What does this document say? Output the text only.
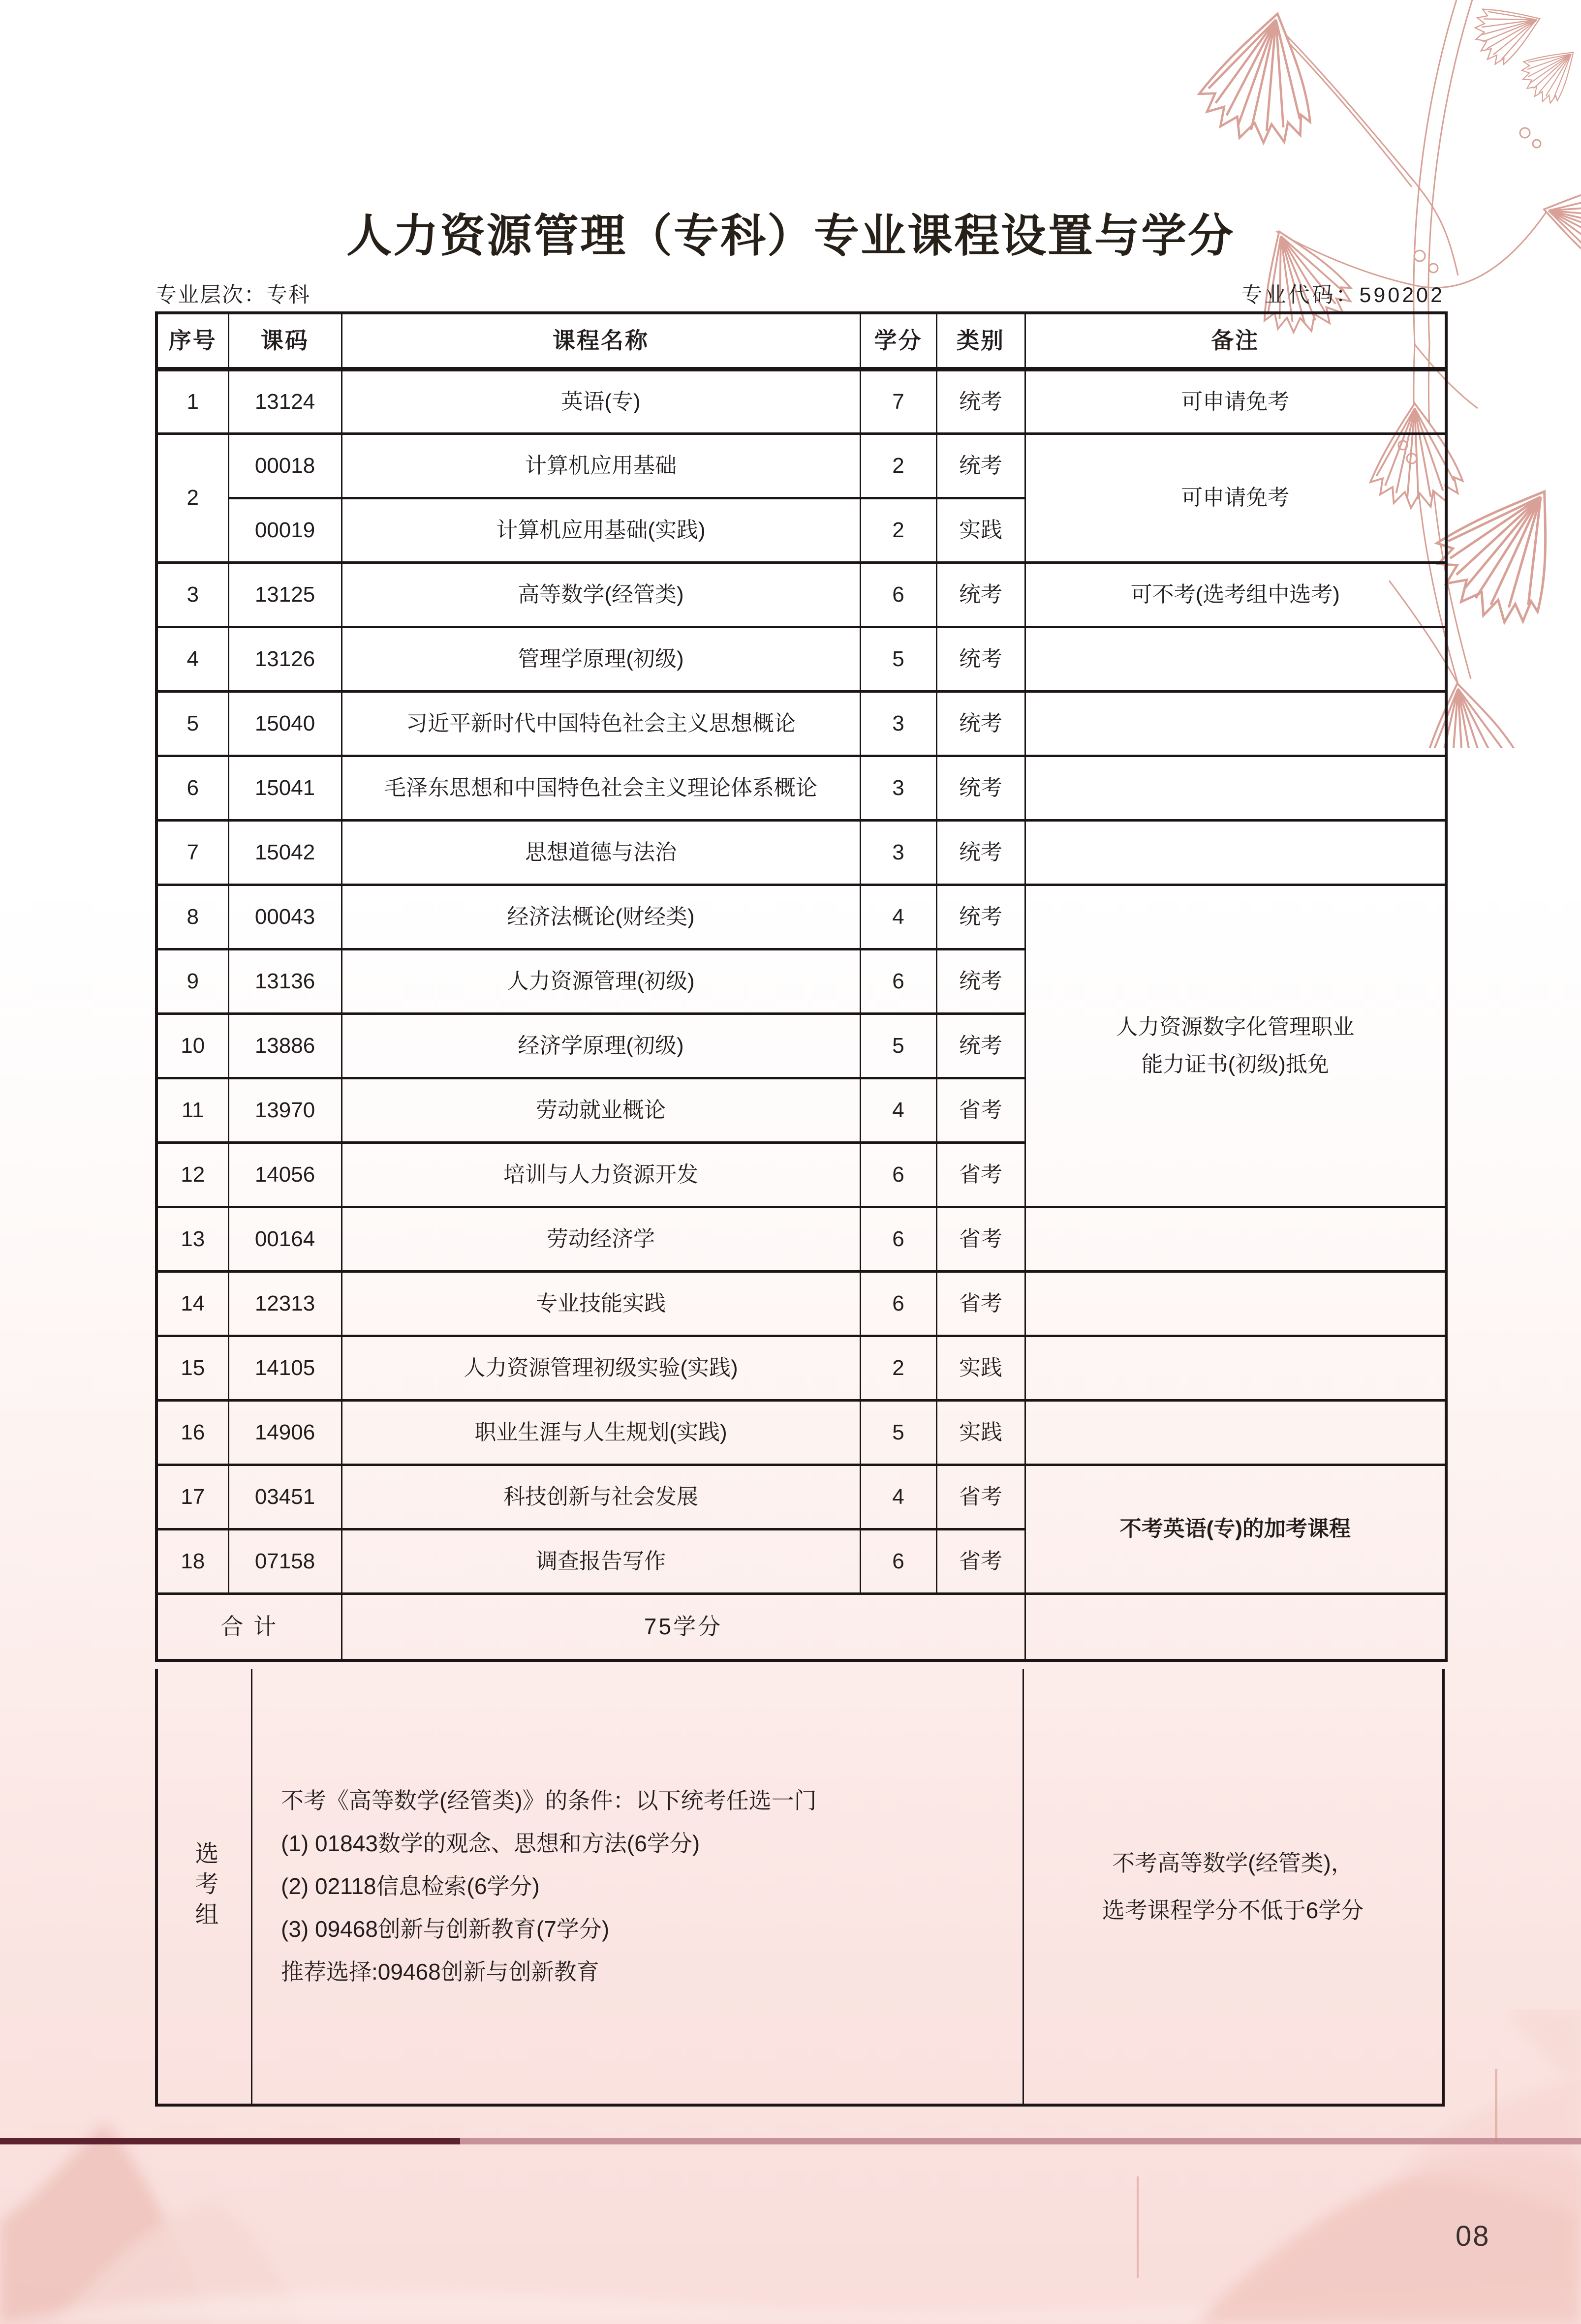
人力资源管理（专科）专业课程设置与学分
专业层次：专科	专业代码：590202
序号	课码	课程名称	学分	类别	备注
1	13124	英语(专)	7	统考	可申请免考
2	00018	计算机应用基础	2	统考	可申请免考
	00019	计算机应用基础(实践)	2	实践	
3	13125	高等数学(经管类)	6	统考	可不考(选考组中选考)
4	13126	管理学原理(初级)	5	统考	
5	15040	习近平新时代中国特色社会主义思想概论	3	统考	
6	15041	毛泽东思想和中国特色社会主义理论体系概论	3	统考	
7	15042	思想道德与法治	3	统考	
8	00043	经济法概论(财经类)	4	统考	人力资源数字化管理职业
能力证书(初级)抵免

9	13136	人力资源管理(初级)	6	统考	
10	13886	经济学原理(初级)	5	统考	
11	13970	劳动就业概论	4	省考	
12	14056	培训与人力资源开发	6	省考	
13	00164	劳动经济学	6	省考	
14	12313	专业技能实践	6	省考	
15	14105	人力资源管理初级实验(实践)	2	实践	
16	14906	职业生涯与人生规划(实践)	5	实践	
17	03451	科技创新与社会发展	4	省考	不考英语(专)的加考课程
18	07158	调查报告写作	6	省考	
合 计		75学分			
选考组
不考《高等数学(经管类)》的条件：以下统考任选一门
(1) 01843数学的观念、思想和方法(6学分)
(2) 02118信息检索(6学分)
(3) 09468创新与创新教育(7学分)
推荐选择:09468创新与创新教育
不考高等数学(经管类)，
选考课程学分不低于6学分
08
